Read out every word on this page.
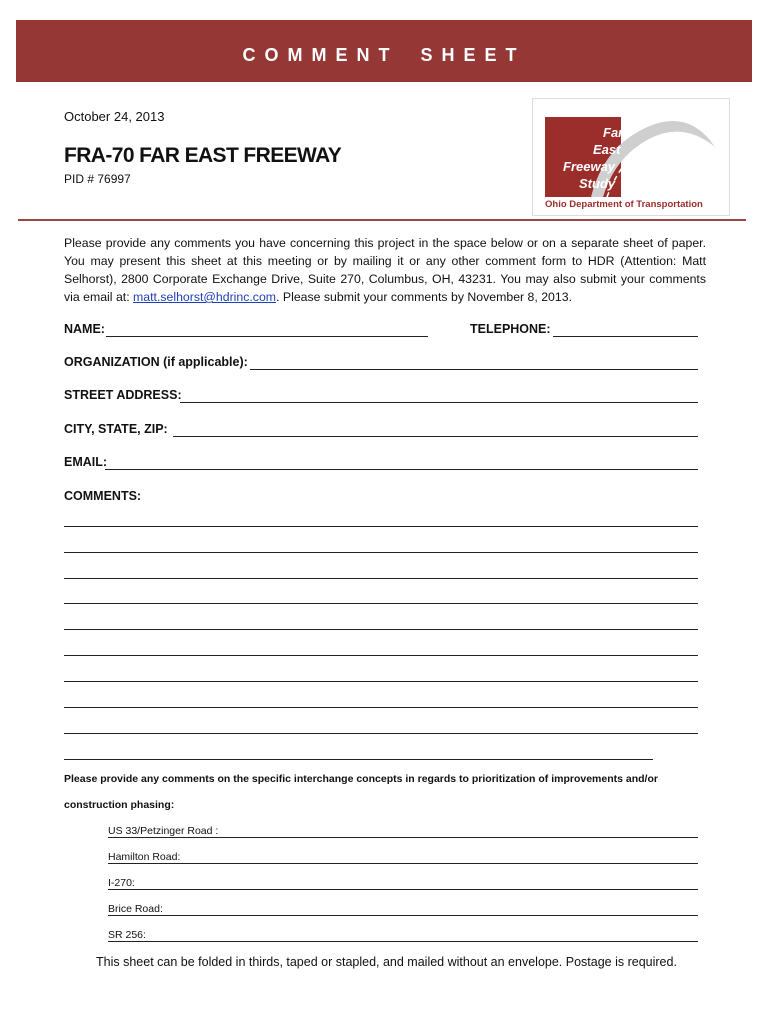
COMMENT SHEET
October 24, 2013
FRA-70 FAR EAST FREEWAY
PID # 76997
Far
East
Freeway
Study
Ohio Department of Transportation
Please provide any comments you have concerning this project in the space below or on a separate sheet of paper. You may present this sheet at this meeting or by mailing it or any other comment form to HDR (Attention: Matt Selhorst), 2800 Corporate Exchange Drive, Suite 270, Columbus, OH, 43231. You may also submit your comments via email at: matt.selhorst@hdrinc.com. Please submit your comments by November 8, 2013.
NAME:	TELEPHONE:
ORGANIZATION (if applicable):
STREET ADDRESS:
CITY, STATE, ZIP:
EMAIL:
COMMENTS:
Please provide any comments on the specific interchange concepts in regards to prioritization of improvements and/or
construction phasing:
US 33/Petzinger Road :
Hamilton Road:
I-270:
Brice Road:
SR 256:
This sheet can be folded in thirds, taped or stapled, and mailed without an envelope. Postage is required.
